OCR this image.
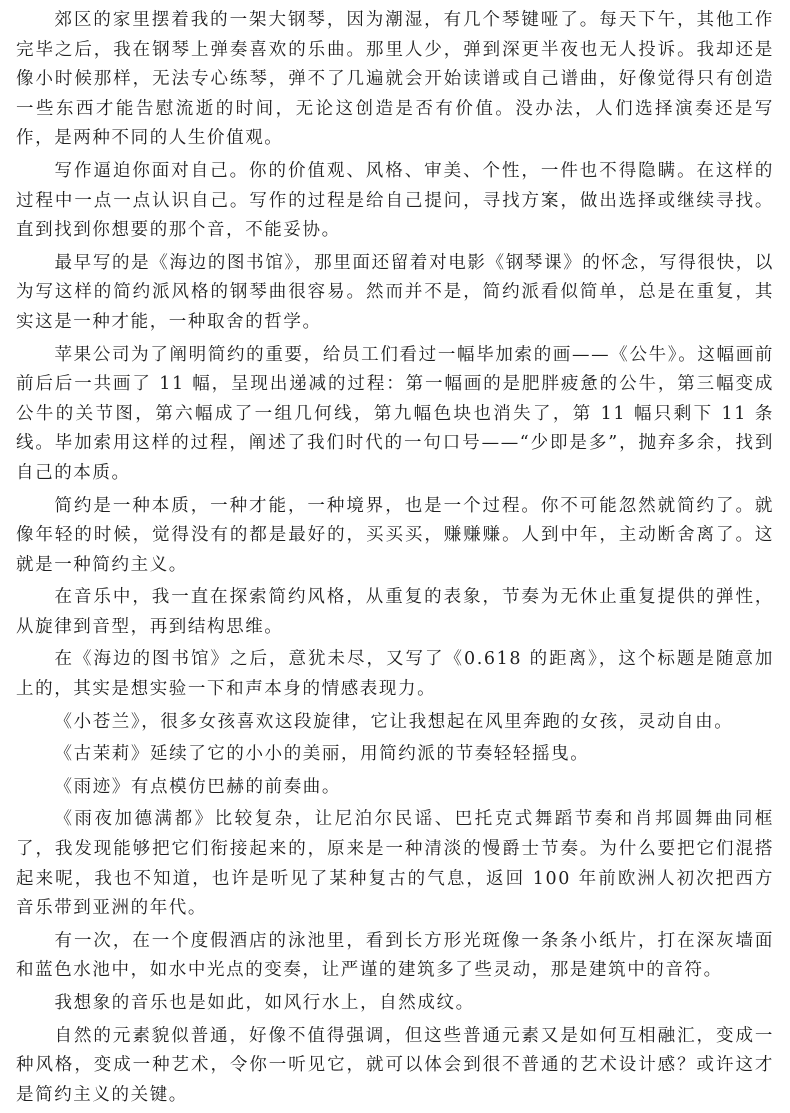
郊区的家里摆着我的一架大钢琴，因为潮湿，有几个琴键哑了。每天下午，其他工作完毕之后，我在钢琴上弹奏喜欢的乐曲。那里人少，弹到深更半夜也无人投诉。我却还是像小时候那样，无法专心练琴，弹不了几遍就会开始读谱或自己谱曲，好像觉得只有创造一些东西才能告慰流逝的时间，无论这创造是否有价值。没办法，人们选择演奏还是写作，是两种不同的人生价值观。

写作逼迫你面对自己。你的价值观、风格、审美、个性，一件也不得隐瞒。在这样的过程中一点一点认识自己。写作的过程是给自己提问，寻找方案，做出选择或继续寻找。直到找到你想要的那个音，不能妥协。

最早写的是《海边的图书馆》，那里面还留着对电影《钢琴课》的怀念，写得很快，以为写这样的简约派风格的钢琴曲很容易。然而并不是，简约派看似简单，总是在重复，其实这是一种才能，一种取舍的哲学。

苹果公司为了阐明简约的重要，给员工们看过一幅毕加索的画——《公牛》。这幅画前前后后一共画了 11 幅，呈现出递减的过程：第一幅画的是肥胖疲惫的公牛，第三幅变成公牛的关节图，第六幅成了一组几何线，第九幅色块也消失了，第 11 幅只剩下 11 条线。毕加索用这样的过程，阐述了我们时代的一句口号——“少即是多”，抛弃多余，找到自己的本质。

简约是一种本质，一种才能，一种境界，也是一个过程。你不可能忽然就简约了。就像年轻的时候，觉得没有的都是最好的，买买买，赚赚赚。人到中年，主动断舍离了。这就是一种简约主义。

在音乐中，我一直在探索简约风格，从重复的表象，节奏为无休止重复提供的弹性，从旋律到音型，再到结构思维。

在《海边的图书馆》之后，意犹未尽，又写了《0.618 的距离》，这个标题是随意加上的，其实是想实验一下和声本身的情感表现力。

《小苍兰》，很多女孩喜欢这段旋律，它让我想起在风里奔跑的女孩，灵动自由。

《古茉莉》延续了它的小小的美丽，用简约派的节奏轻轻摇曳。

《雨迹》有点模仿巴赫的前奏曲。

《雨夜加德满都》比较复杂，让尼泊尔民谣、巴托克式舞蹈节奏和肖邦圆舞曲同框了，我发现能够把它们衔接起来的，原来是一种清淡的慢爵士节奏。为什么要把它们混搭起来呢，我也不知道，也许是听见了某种复古的气息，返回 100 年前欧洲人初次把西方音乐带到亚洲的年代。

有一次，在一个度假酒店的泳池里，看到长方形光斑像一条条小纸片，打在深灰墙面和蓝色水池中，如水中光点的变奏，让严谨的建筑多了些灵动，那是建筑中的音符。

我想象的音乐也是如此，如风行水上，自然成纹。

自然的元素貌似普通，好像不值得强调，但这些普通元素又是如何互相融汇，变成一种风格，变成一种艺术，令你一听见它，就可以体会到很不普通的艺术设计感？或许这才是简约主义的关键。
